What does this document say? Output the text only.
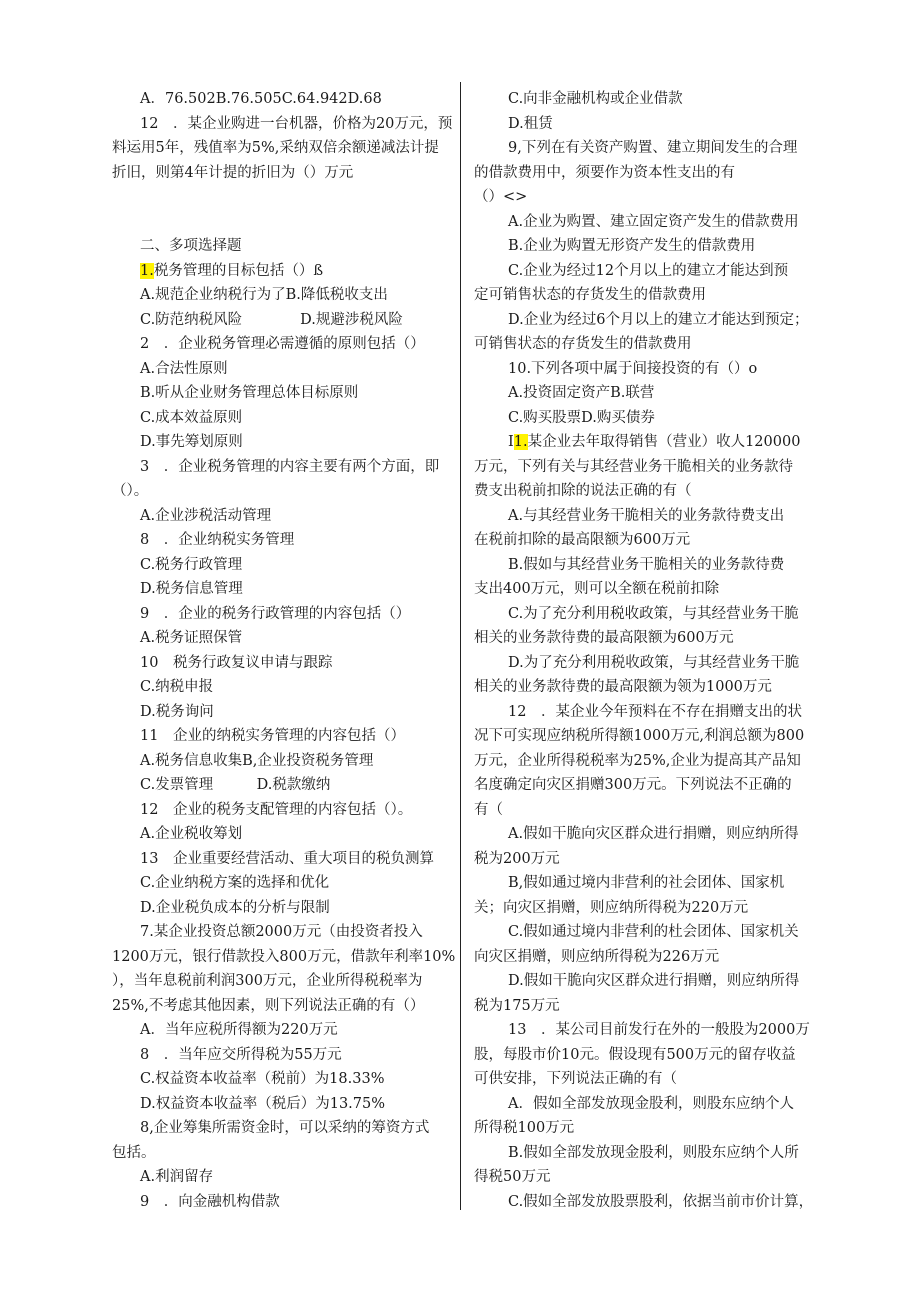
A．76.502B.76.505C.64.942D.68
12　．某企业购进一台机器，价格为20万元，预
料运用5年，残值率为5%,采纳双倍余额递减法计提
折旧，则第4年计提的折旧为（）万元
二、多项选择题
1.税务管理的目标包括（）ß
A.规范企业纳税行为了B.降低税收支出
C.防范纳税风险　　　　D.规避涉税风险
2　．企业税务管理必需遵循的原则包括（）
A.合法性原则
B.听从企业财务管理总体目标原则
C.成本效益原则
D.事先筹划原则
3　．企业税务管理的内容主要有两个方面，即
（）。
A.企业涉税活动管理
8　．企业纳税实务管理
C.税务行政管理
D.税务信息管理
9　．企业的税务行政管理的内容包括（）
A.税务证照保管
10　税务行政复议申请与跟踪
C.纳税申报
D.税务询问
11　企业的纳税实务管理的内容包括（）
A.税务信息收集B,企业投资税务管理
C.发票管理　　　D.税款缴纳
12　企业的税务支配管理的内容包括（）。
A.企业税收筹划
13　企业重要经营活动、重大项目的税负测算
C.企业纳税方案的选择和优化
D.企业税负成本的分析与限制
7.某企业投资总额2000万元（由投资者投入
1200万元，银行借款投入800万元，借款年利率10%
），当年息税前利润300万元，企业所得税税率为
25%,不考虑其他因素，则下列说法正确的有（）
A．当年应税所得额为220万元
8　．当年应交所得税为55万元
C.权益资本收益率（税前）为18.33%
D.权益资本收益率（税后）为13.75%
8,企业筹集所需资金时，可以采纳的筹资方式
包括。
A.利润留存
9　．向金融机构借款
C.向非金融机构或企业借款
D.租赁
9,下列在有关资产购置、建立期间发生的合理
的借款费用中，须要作为资本性支出的有
（）<>
A.企业为购置、建立固定资产发生的借款费用
B.企业为购置无形资产发生的借款费用
C.企业为经过12个月以上的建立才能达到预
定可销售状态的存货发生的借款费用
D.企业为经过6个月以上的建立才能达到预定；
可销售状态的存货发生的借款费用
10.下列各项中属于间接投资的有（）o
A.投资固定资产B.联营
C.购买股票D.购买债券
I1.某企业去年取得销售（营业）收人120000
万元，下列有关与其经营业务干脆相关的业务款待
费支出税前扣除的说法正确的有（
A.与其经营业务干脆相关的业务款待费支出
在税前扣除的最高限额为600万元
B.假如与其经营业务干脆相关的业务款待费
支出400万元，则可以全额在税前扣除
C.为了充分利用税收政策，与其经营业务干脆
相关的业务款待费的最高限额为600万元
D.为了充分利用税收政策，与其经营业务干脆
相关的业务款待费的最高限额为领为1000万元
12　．某企业今年预料在不存在捐赠支出的状
况下可实现应纳税所得额1000万元,利润总额为800
万元，企业所得税税率为25%,企业为提高其产品知
名度确定向灾区捐赠300万元。下列说法不正确的
有（
A.假如干脆向灾区群众进行捐赠，则应纳所得
税为200万元
B,假如通过境内非营利的社会团体、国家机
关；向灾区捐赠，则应纳所得税为220万元
C.假如通过境内非营利的杜会团体、国家机关
向灾区捐赠，则应纳所得税为226万元
D.假如干脆向灾区群众进行捐赠，则应纳所得
税为175万元
13　．某公司目前发行在外的一般股为2000万
股，每股市价10元。假设现有500万元的留存收益
可供安排，下列说法正确的有（
A．假如全部发放现金股利，则股东应纳个人
所得税100万元
B.假如全部发放现金股利，则股东应纳个人所
得税50万元
C.假如全部发放股票股利，依据当前市价计算，
